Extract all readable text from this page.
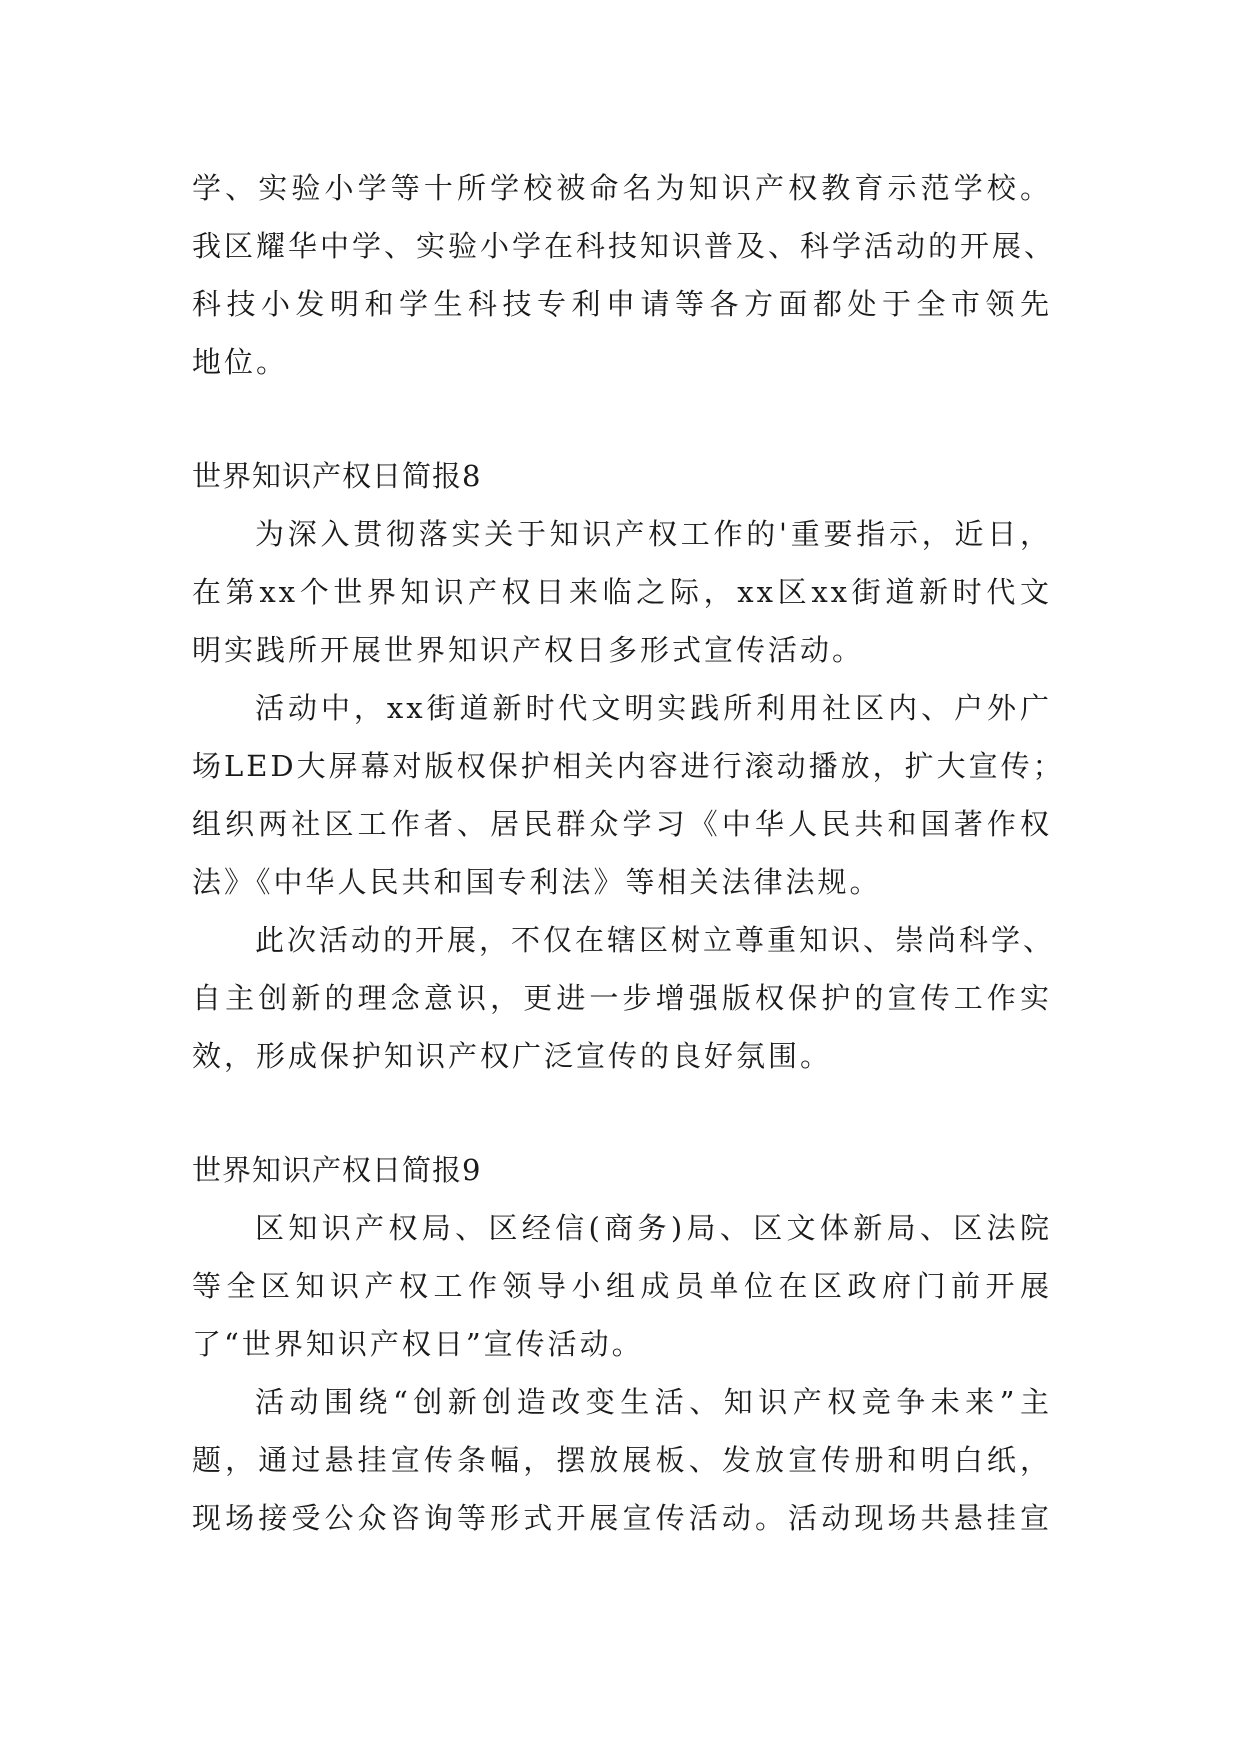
学、实验小学等十所学校被命名为知识产权教育示范学校。
我区耀华中学、实验小学在科技知识普及、科学活动的开展、
科技小发明和学生科技专利申请等各方面都处于全市领先
地位。
世界知识产权日简报8
为深入贯彻落实关于知识产权工作的'重要指示，近日，
在第xx个世界知识产权日来临之际，xx区xx街道新时代文
明实践所开展世界知识产权日多形式宣传活动。
活动中，xx街道新时代文明实践所利用社区内、户外广
场LED大屏幕对版权保护相关内容进行滚动播放，扩大宣传；
组织两社区工作者、居民群众学习《中华人民共和国著作权
法》《中华人民共和国专利法》等相关法律法规。
此次活动的开展，不仅在辖区树立尊重知识、崇尚科学、
自主创新的理念意识，更进一步增强版权保护的宣传工作实
效，形成保护知识产权广泛宣传的良好氛围。
世界知识产权日简报9
区知识产权局、区经信(商务)局、区文体新局、区法院
等全区知识产权工作领导小组成员单位在区政府门前开展
了“世界知识产权日”宣传活动。
活动围绕“创新创造改变生活、知识产权竞争未来”主
题，通过悬挂宣传条幅，摆放展板、发放宣传册和明白纸，
现场接受公众咨询等形式开展宣传活动。活动现场共悬挂宣
